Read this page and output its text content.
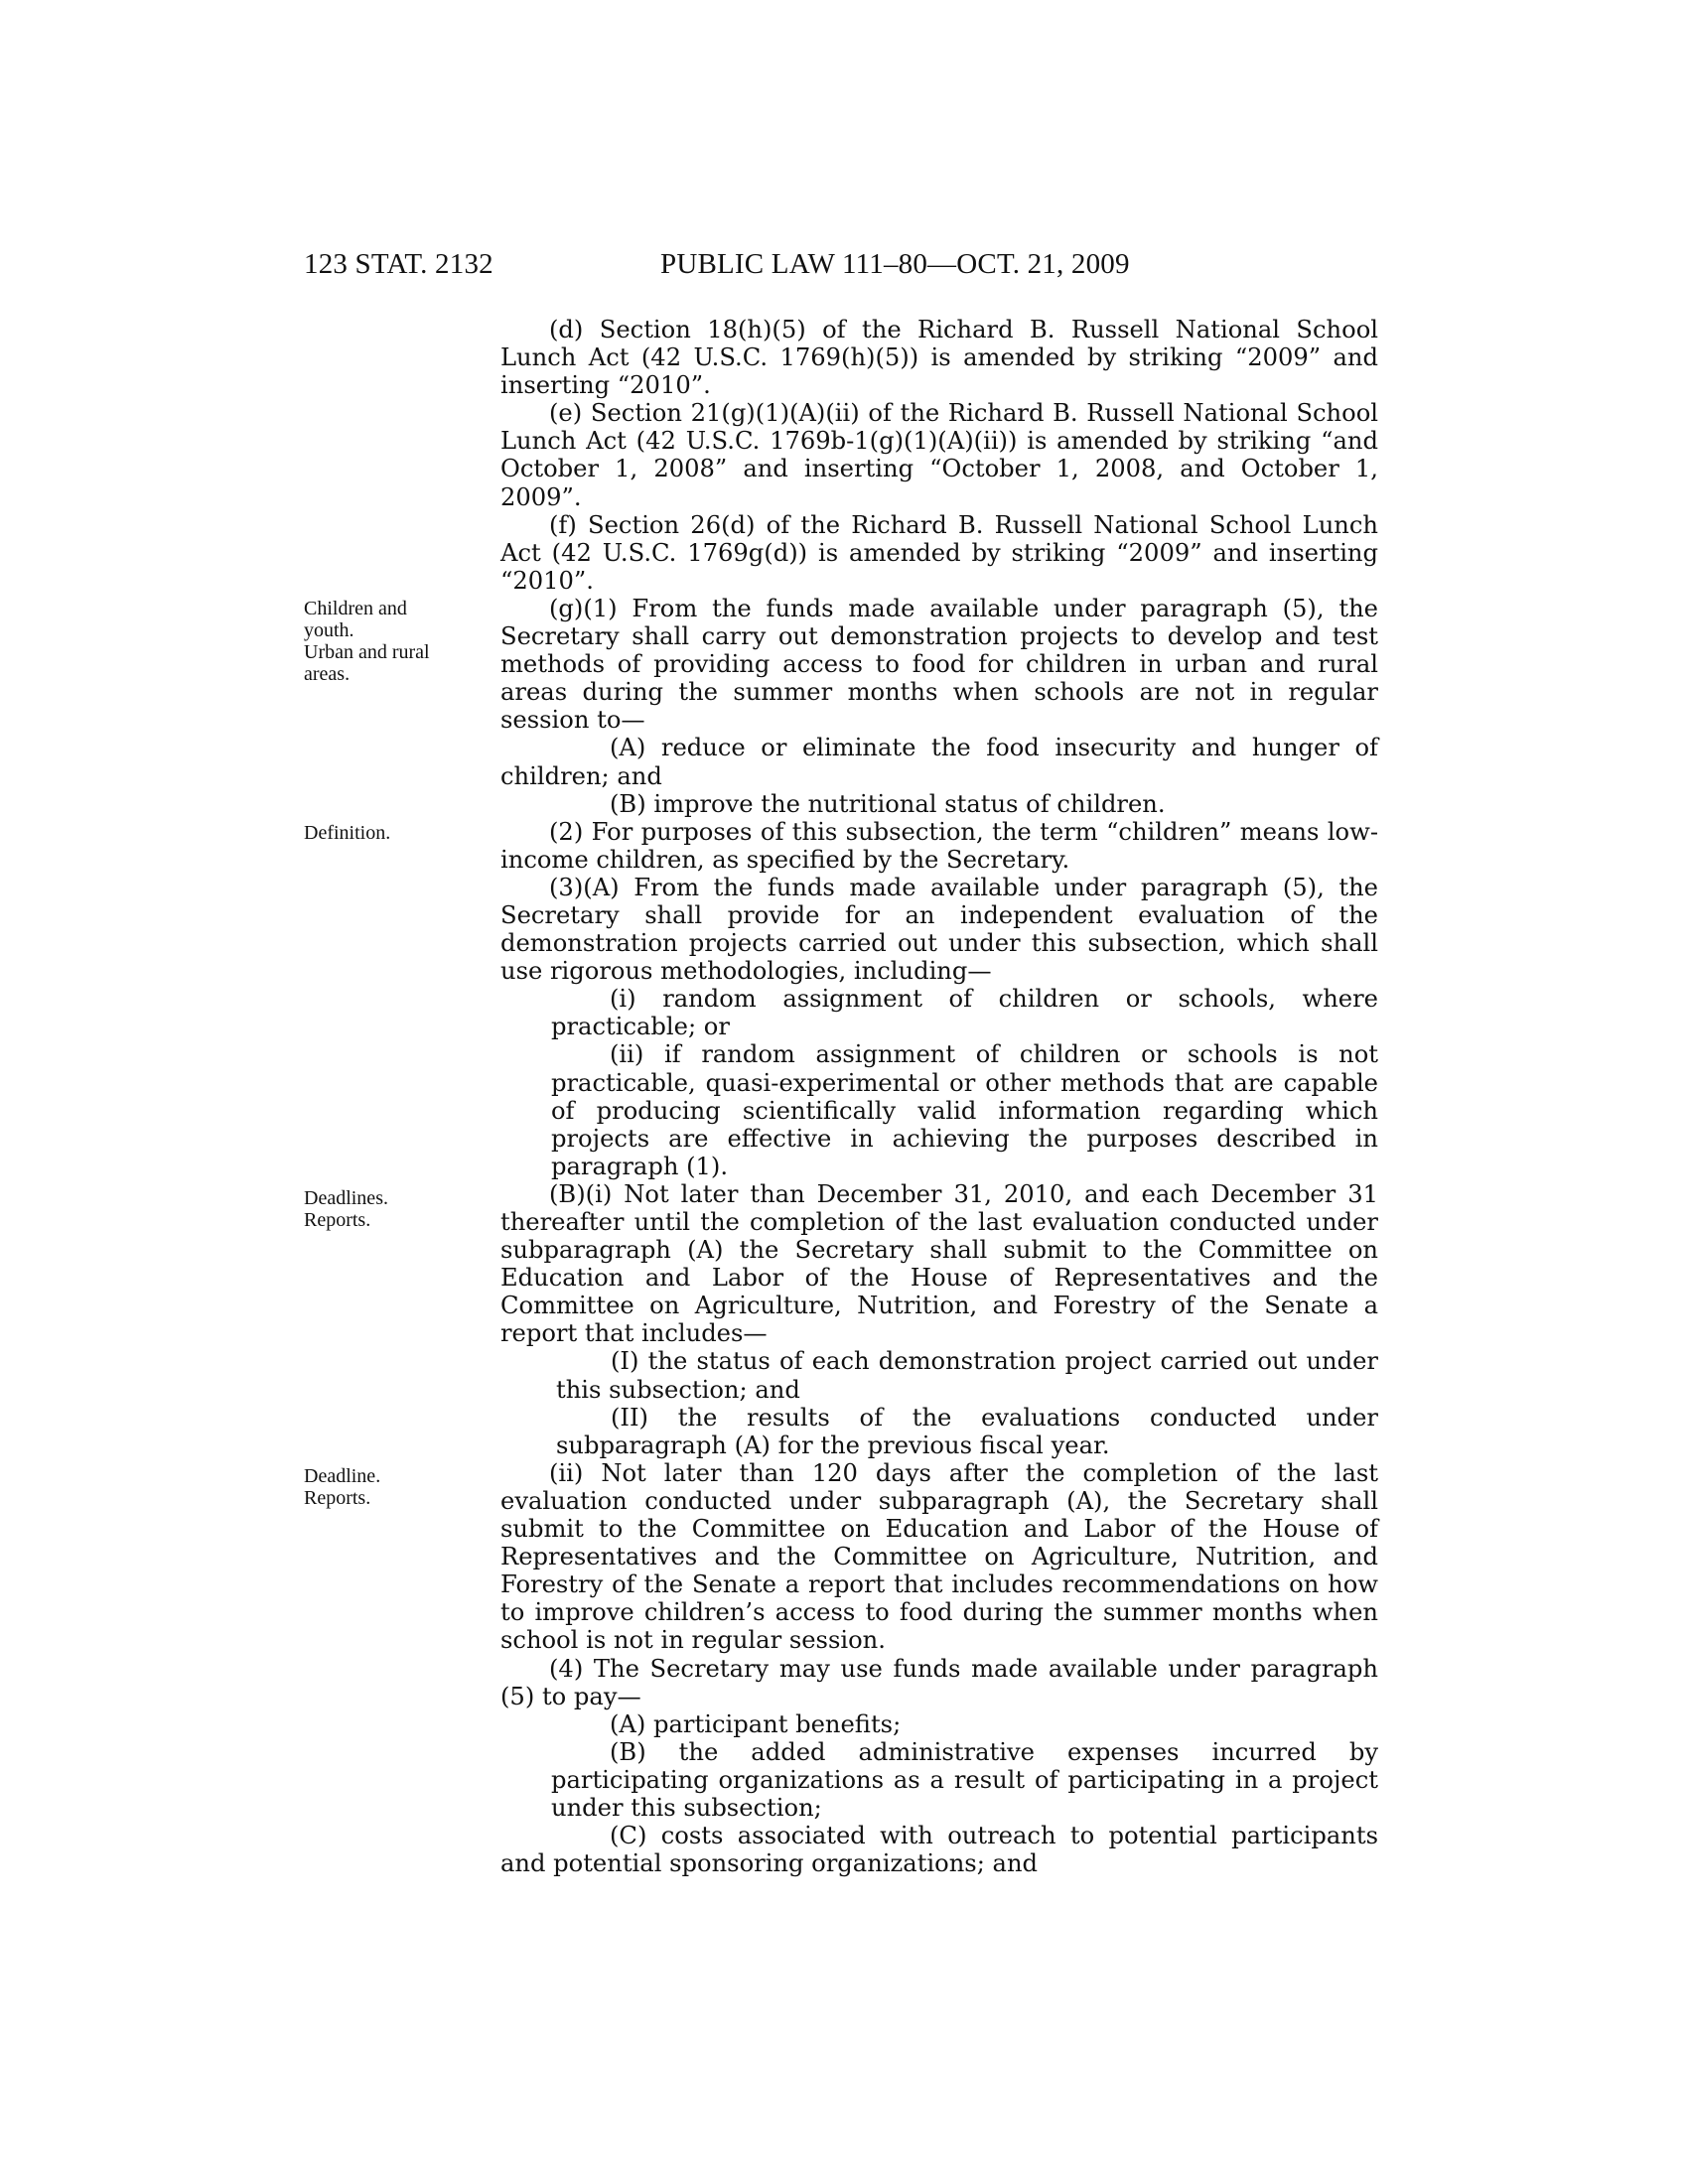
123 STAT. 2132	PUBLIC LAW 111–80—OCT. 21, 2009
Children and
youth.
Urban and rural
areas.
Definition.
Deadlines.
Reports.
Deadline.
Reports.

(d) Section 18(h)(5) of the Richard B. Russell National School Lunch Act (42 U.S.C. 1769(h)(5)) is amended by striking “2009” and inserting “2010”.

(e) Section 21(g)(1)(A)(ii) of the Richard B. Russell National School Lunch Act (42 U.S.C. 1769b-1(g)(1)(A)(ii)) is amended by striking “and October 1, 2008” and inserting “October 1, 2008, and October 1, 2009”.

(f) Section 26(d) of the Richard B. Russell National School Lunch Act (42 U.S.C. 1769g(d)) is amended by striking “2009” and inserting “2010”.

(g)(1) From the funds made available under paragraph (5), the Secretary shall carry out demonstration projects to develop and test methods of providing access to food for children in urban and rural areas during the summer months when schools are not in regular session to—

(A) reduce or eliminate the food insecurity and hunger of children; and

(B) improve the nutritional status of children.

(2) For purposes of this subsection, the term “children” means low-income children, as specified by the Secretary.

(3)(A) From the funds made available under paragraph (5), the Secretary shall provide for an independent evaluation of the demonstration projects carried out under this subsection, which shall use rigorous methodologies, including—

(i) random assignment of children or schools, where practicable; or

(ii) if random assignment of children or schools is not practicable, quasi-experimental or other methods that are capable of producing scientifically valid information regarding which projects are effective in achieving the purposes described in paragraph (1).

(B)(i) Not later than December 31, 2010, and each December 31 thereafter until the completion of the last evaluation conducted under subparagraph (A) the Secretary shall submit to the Committee on Education and Labor of the House of Representatives and the Committee on Agriculture, Nutrition, and Forestry of the Senate a report that includes—

(I) the status of each demonstration project carried out under this subsection; and

(II) the results of the evaluations conducted under subparagraph (A) for the previous fiscal year.

(ii) Not later than 120 days after the completion of the last evaluation conducted under subparagraph (A), the Secretary shall submit to the Committee on Education and Labor of the House of Representatives and the Committee on Agriculture, Nutrition, and Forestry of the Senate a report that includes recommendations on how to improve children’s access to food during the summer months when school is not in regular session.

(4) The Secretary may use funds made available under paragraph (5) to pay—

(A) participant benefits;

(B) the added administrative expenses incurred by participating organizations as a result of participating in a project under this subsection;

(C) costs associated with outreach to potential participants and potential sponsoring organizations; and
